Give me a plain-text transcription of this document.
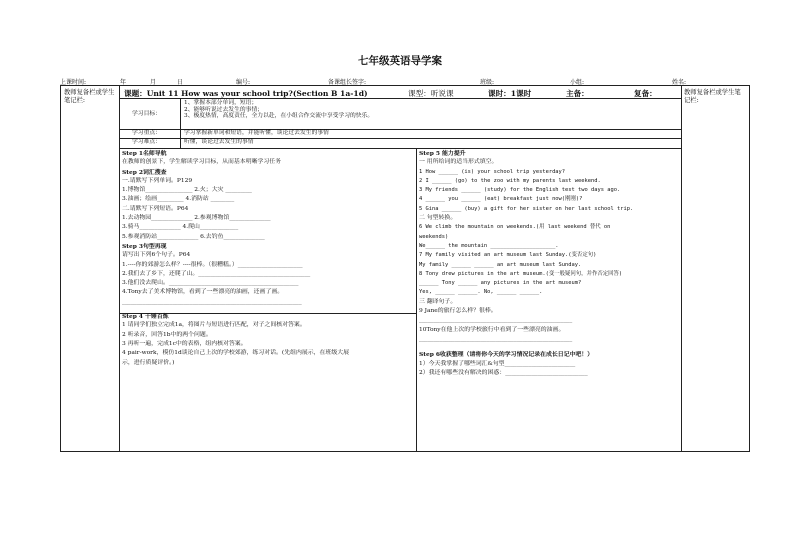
七年级英语导学案
上课时间:	年	月	日	编号:	备课组长签字:	班级:	小组:	姓名:
教师复备栏或学生笔记栏:
教师复备栏或学生笔记栏:
课题：Unit 11 How was your school trip?(Section B 1a-1d)	课型：听说课	课时：1课时	主备：	复备：
学习目标：
1、掌握本部分单词，短语；
2、能够听说过去发生的事情；
3、极度热情，高度责任，全力以赴，在小组合作交流中享受学习的快乐。
学习重点：	学习掌握新单词和短语，并能听懂，谈论过去发生的事情
学习难点：	听懂，谈论过去发生的事情
Step 1名师导航
在教师的创景下，学生解读学习目标，从而基本明晰学习任务
Step 2词汇搜查
一.请默写下列单词。P129
1.博物馆________________ 2.火；大灾 _________
3.油画；绘画_________ 4.消防站 ________
二.请默写下列短语。P64
1.去动物园______________ 2.参观博物馆______________
3.骑马______________ 4.爬山_____________
5.参观消防站______________ 6.去钓鱼______________
Step 3句型再现
请写出下列6个句子。P64
1.----你的郊游怎么样？----很棒。（很糟糕。）______________________
2.我们去了乡下，还爬了山。______________________________________
3.他们没去爬山。____________________________________________
4.Tony去了美术博物馆，看到了一些漂亮的油画，还画了画。
_____________________________________________________________
Step 4 千锤百炼
1 请同学们独立完成1a，将图片与短语进行匹配，对子之间核对答案。
2 听录音，回答1b中的两个问题。
3 再听一遍，完成1c中的表格，组内核对答案。
4 pair-work，模仿1d谈论自己上次的学校郊游，练习对话。(先组内展示，在班级大展
示，进行质疑评价。)
Step 5 能力提升
一 用所给词的适当形式填空。
1 How ______ (is) your school trip yesterday?
2 I ______ (go) to the zoo with my parents last weekend.
3 My friends ______ (study) for the English test two days ago.
4 ______ you ______ (eat) breakfast just now(刚刚)?
5 Gina ______ (buy) a gift for her sister on her last school trip.
二 句型转换。
6 We climb the mountain on weekends.(用 last weekend 替代 on
weekends)
We______ the mountain ____________________.
7 My family visited an art museum last Sunday.(变否定句)
My family ______ ______ an art museum last Sunday.
8 Tony drew pictures in the art museum.(变一般疑问句，并作否定回答)
______ Tony ______ any pictures in the art museum?
Yes, ______ ______. No, ______ ______.
三 翻译句子。
9 Jane的旅行怎么样？很棒。
____________________________________________________
10Tony在他上次的学校旅行中看到了一些漂亮的油画。
____________________________________________________
Step 6收获整理（请将你今天的学习情况记录在成长日记中吧！）
1）今天我掌握了哪些词汇&句型________________________
2）我还有哪些没有解决的困惑：____________________________
